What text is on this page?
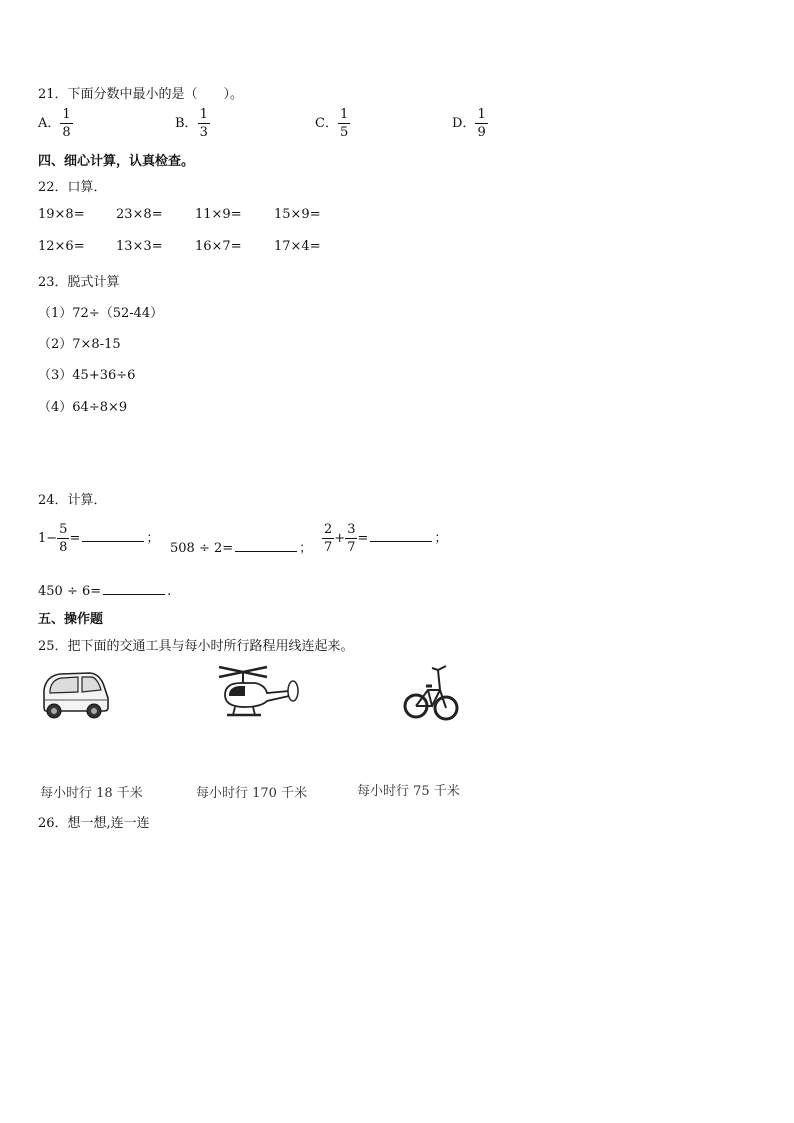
21．下面分数中最小的是（　　）。
A． $\frac{1}{8}$	B． $\frac{1}{3}$	C． $\frac{1}{5}$	D． $\frac{1}{9}$
四、细心计算，认真检查。
22．口算．
19×8= 23×8= 11×9= 15×9=
12×6= 13×3= 16×7= 17×4=
23．脱式计算
（1）72÷（52-44）
（2）7×8-15
（3）45+36÷6
（4）64÷8×9
24．计算．
$1- \frac{5}{8}$ =	；
508 ÷ 2=	； $\frac{2}{7} + \frac{3}{7}$ =	；
450 ÷ 6=	.
五、操作题
25．把下面的交通工具与每小时所行路程用线连起来。
每小时行 18 千米	每小时行 170 千米	每小时行 75 千米
26．想一想,连一连
